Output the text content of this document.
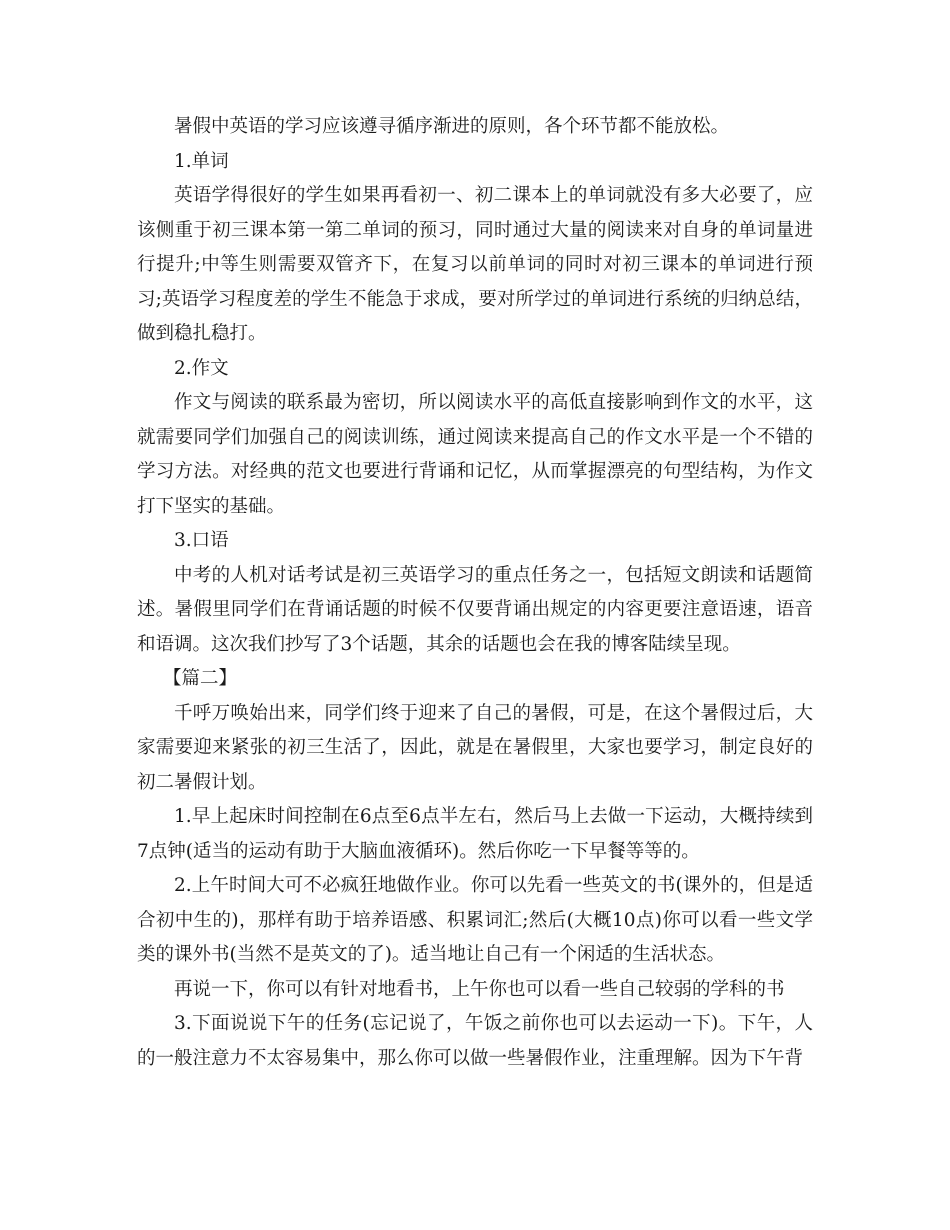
暑假中英语的学习应该遵寻循序渐进的原则，各个环节都不能放松。

1.单词

英语学得很好的学生如果再看初一、初二课本上的单词就没有多大必要了，应该侧重于初三课本第一第二单词的预习，同时通过大量的阅读来对自身的单词量进行提升;中等生则需要双管齐下，在复习以前单词的同时对初三课本的单词进行预习;英语学习程度差的学生不能急于求成，要对所学过的单词进行系统的归纳总结，做到稳扎稳打。

2.作文

作文与阅读的联系最为密切，所以阅读水平的高低直接影响到作文的水平，这就需要同学们加强自己的阅读训练，通过阅读来提高自己的作文水平是一个不错的学习方法。对经典的范文也要进行背诵和记忆，从而掌握漂亮的句型结构，为作文打下坚实的基础。

3.口语

中考的人机对话考试是初三英语学习的重点任务之一，包括短文朗读和话题简述。暑假里同学们在背诵话题的时候不仅要背诵出规定的内容更要注意语速，语音和语调。这次我们抄写了3个话题，其余的话题也会在我的博客陆续呈现。

【篇二】

千呼万唤始出来，同学们终于迎来了自己的暑假，可是，在这个暑假过后，大家需要迎来紧张的初三生活了，因此，就是在暑假里，大家也要学习，制定良好的初二暑假计划。

1.早上起床时间控制在6点至6点半左右，然后马上去做一下运动，大概持续到7点钟(适当的运动有助于大脑血液循环)。然后你吃一下早餐等等的。

2.上午时间大可不必疯狂地做作业。你可以先看一些英文的书(课外的，但是适合初中生的)，那样有助于培养语感、积累词汇;然后(大概10点)你可以看一些文学类的课外书(当然不是英文的了)。适当地让自己有一个闲适的生活状态。

再说一下，你可以有针对地看书，上午你也可以看一些自己较弱的学科的书

3.下面说说下午的任务(忘记说了，午饭之前你也可以去运动一下)。下午，人的一般注意力不太容易集中，那么你可以做一些暑假作业，注重理解。因为下午背
